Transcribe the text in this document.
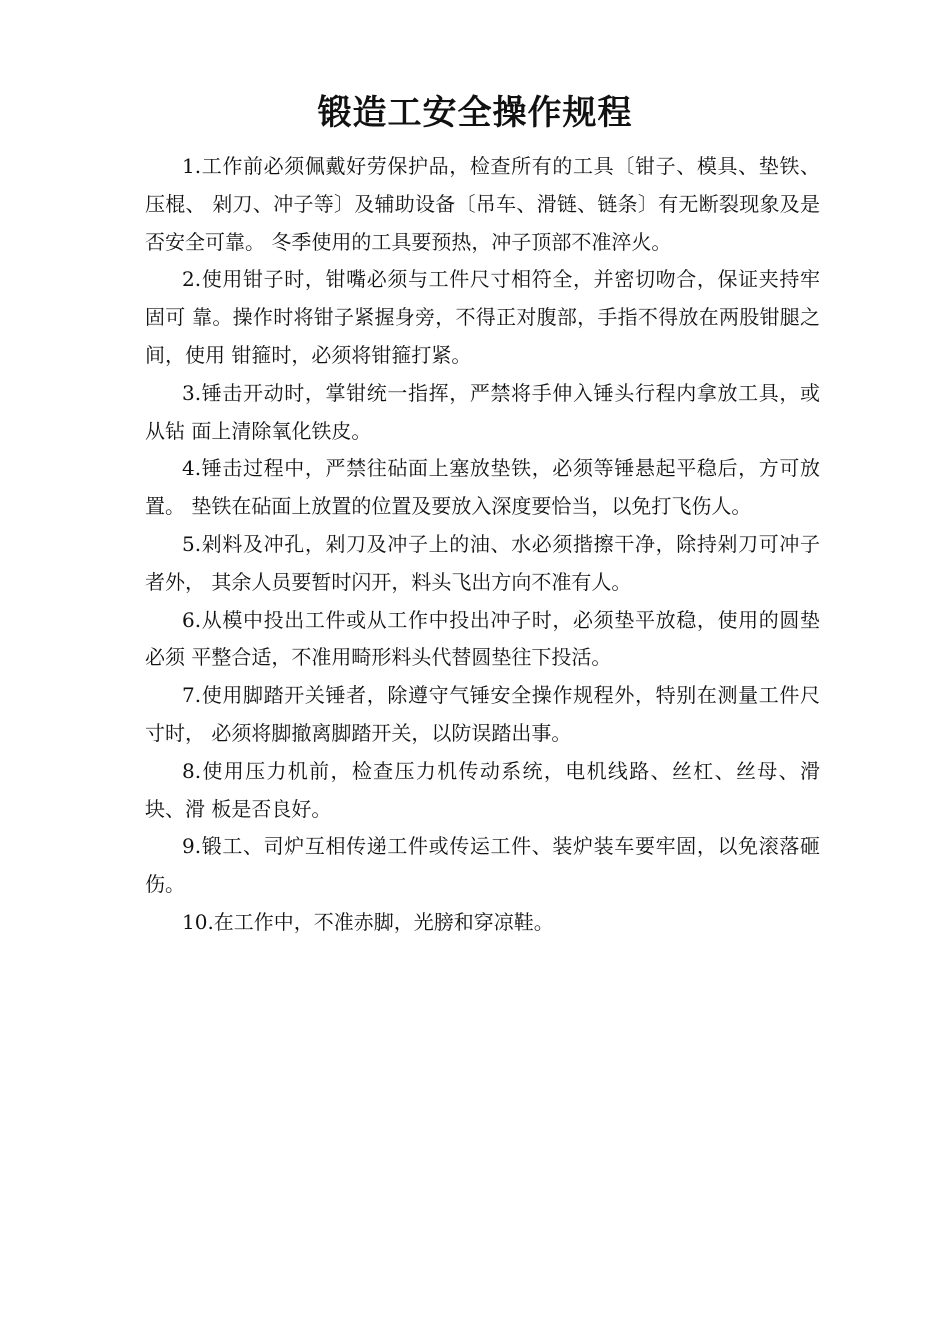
锻造工安全操作规程

1.工作前必须佩戴好劳保护品，检查所有的工具〔钳子、模具、垫铁、压棍、 剁刀、冲子等〕及辅助设备〔吊车、滑链、链条〕有无断裂现象及是否安全可靠。 冬季使用的工具要预热，冲子顶部不准淬火。

2.使用钳子时，钳嘴必须与工件尺寸相符全，并密切吻合，保证夹持牢固可 靠。操作时将钳子紧握身旁，不得正对腹部，手指不得放在两股钳腿之间，使用 钳箍时，必须将钳箍打紧。

3.锤击开动时，掌钳统一指挥，严禁将手伸入锤头行程内拿放工具，或从钻 面上清除氧化铁皮。

4.锤击过程中，严禁往砧面上塞放垫铁，必须等锤悬起平稳后，方可放置。 垫铁在砧面上放置的位置及要放入深度要恰当，以免打飞伤人。

5.剁料及冲孔，剁刀及冲子上的油、水必须揩擦干净，除持剁刀可冲子者外， 其余人员要暂时闪开，料头飞出方向不准有人。

6.从模中投出工件或从工作中投出冲子时，必须垫平放稳，使用的圆垫必须 平整合适，不准用畸形料头代替圆垫往下投活。

7.使用脚踏开关锤者，除遵守气锤安全操作规程外，特别在测量工件尺寸时， 必须将脚撤离脚踏开关，以防误踏出事。

8.使用压力机前，检查压力机传动系统，电机线路、丝杠、丝母、滑块、滑 板是否良好。

9.锻工、司炉互相传递工件或传运工件、装炉装车要牢固，以免滚落砸伤。

10.在工作中，不准赤脚，光膀和穿凉鞋。
